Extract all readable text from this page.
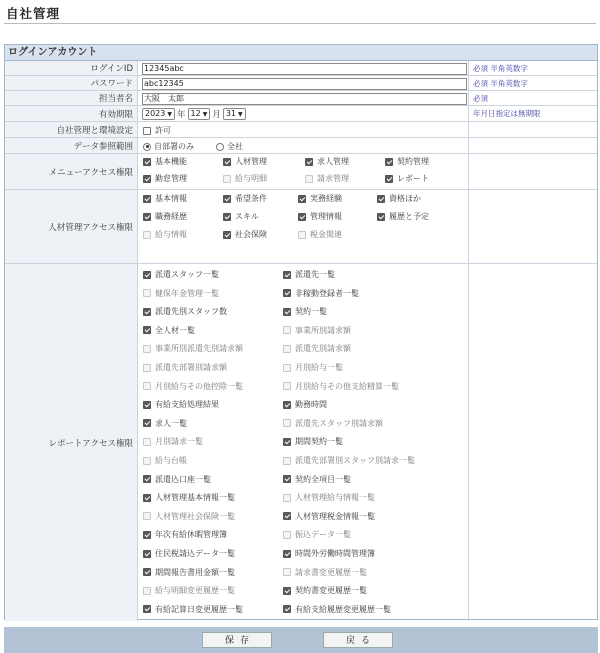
自社管理
ログインアカウント
ログインID	12345abc	必須 半角英数字
パスワード	abc12345	必須 半角英数字
担当者名	大阪　太郎	必須
有効期限	2023 ▼ 年 12 ▼ 月 31 ▼	年月日指定は無期限
自社管理と環境設定	許可
データ参照範囲	自部署のみ	全社
メニューアクセス権限
基本機能	人材管理	求人管理	契約管理
勤怠管理	給与明細	請求管理	レポート
人材管理アクセス権限
基本情報	希望条件	実務経験	資格ほか
職務経歴	スキル	管理情報	履歴と予定
給与情報	社会保険	税金関連
レポートアクセス権限
派遣スタッフ一覧	派遣先一覧
健保年金管理一覧	非稼動登録者一覧
派遣先別スタッフ数	契約一覧
全人材一覧	事業所別請求額
事業所別派遣先別請求額	派遣先別請求額
派遣先部署別請求額	月別給与一覧
月別給与その他控除一覧	月別給与その他支給精算一覧
有給支給処理結果	勤務時間
求人一覧	派遣先スタッフ別請求額
月別請求一覧	期間契約一覧
給与台帳	派遣先部署別スタッフ別請求一覧
派遣込口座一覧	契約全項目一覧
人材管理基本情報一覧	人材管理給与情報一覧
人材管理社会保険一覧	人材管理税金情報一覧
年次有給休暇管理簿	振込データ一覧
住民税請込データ一覧	時間外労働時間管理簿
期間報告書用金額一覧	請求書変更履歴一覧
給与明細変更履歴一覧	契約書変更履歴一覧
有給記算日変更履歴一覧	有給支給履歴変更履歴一覧
保存	戻る
